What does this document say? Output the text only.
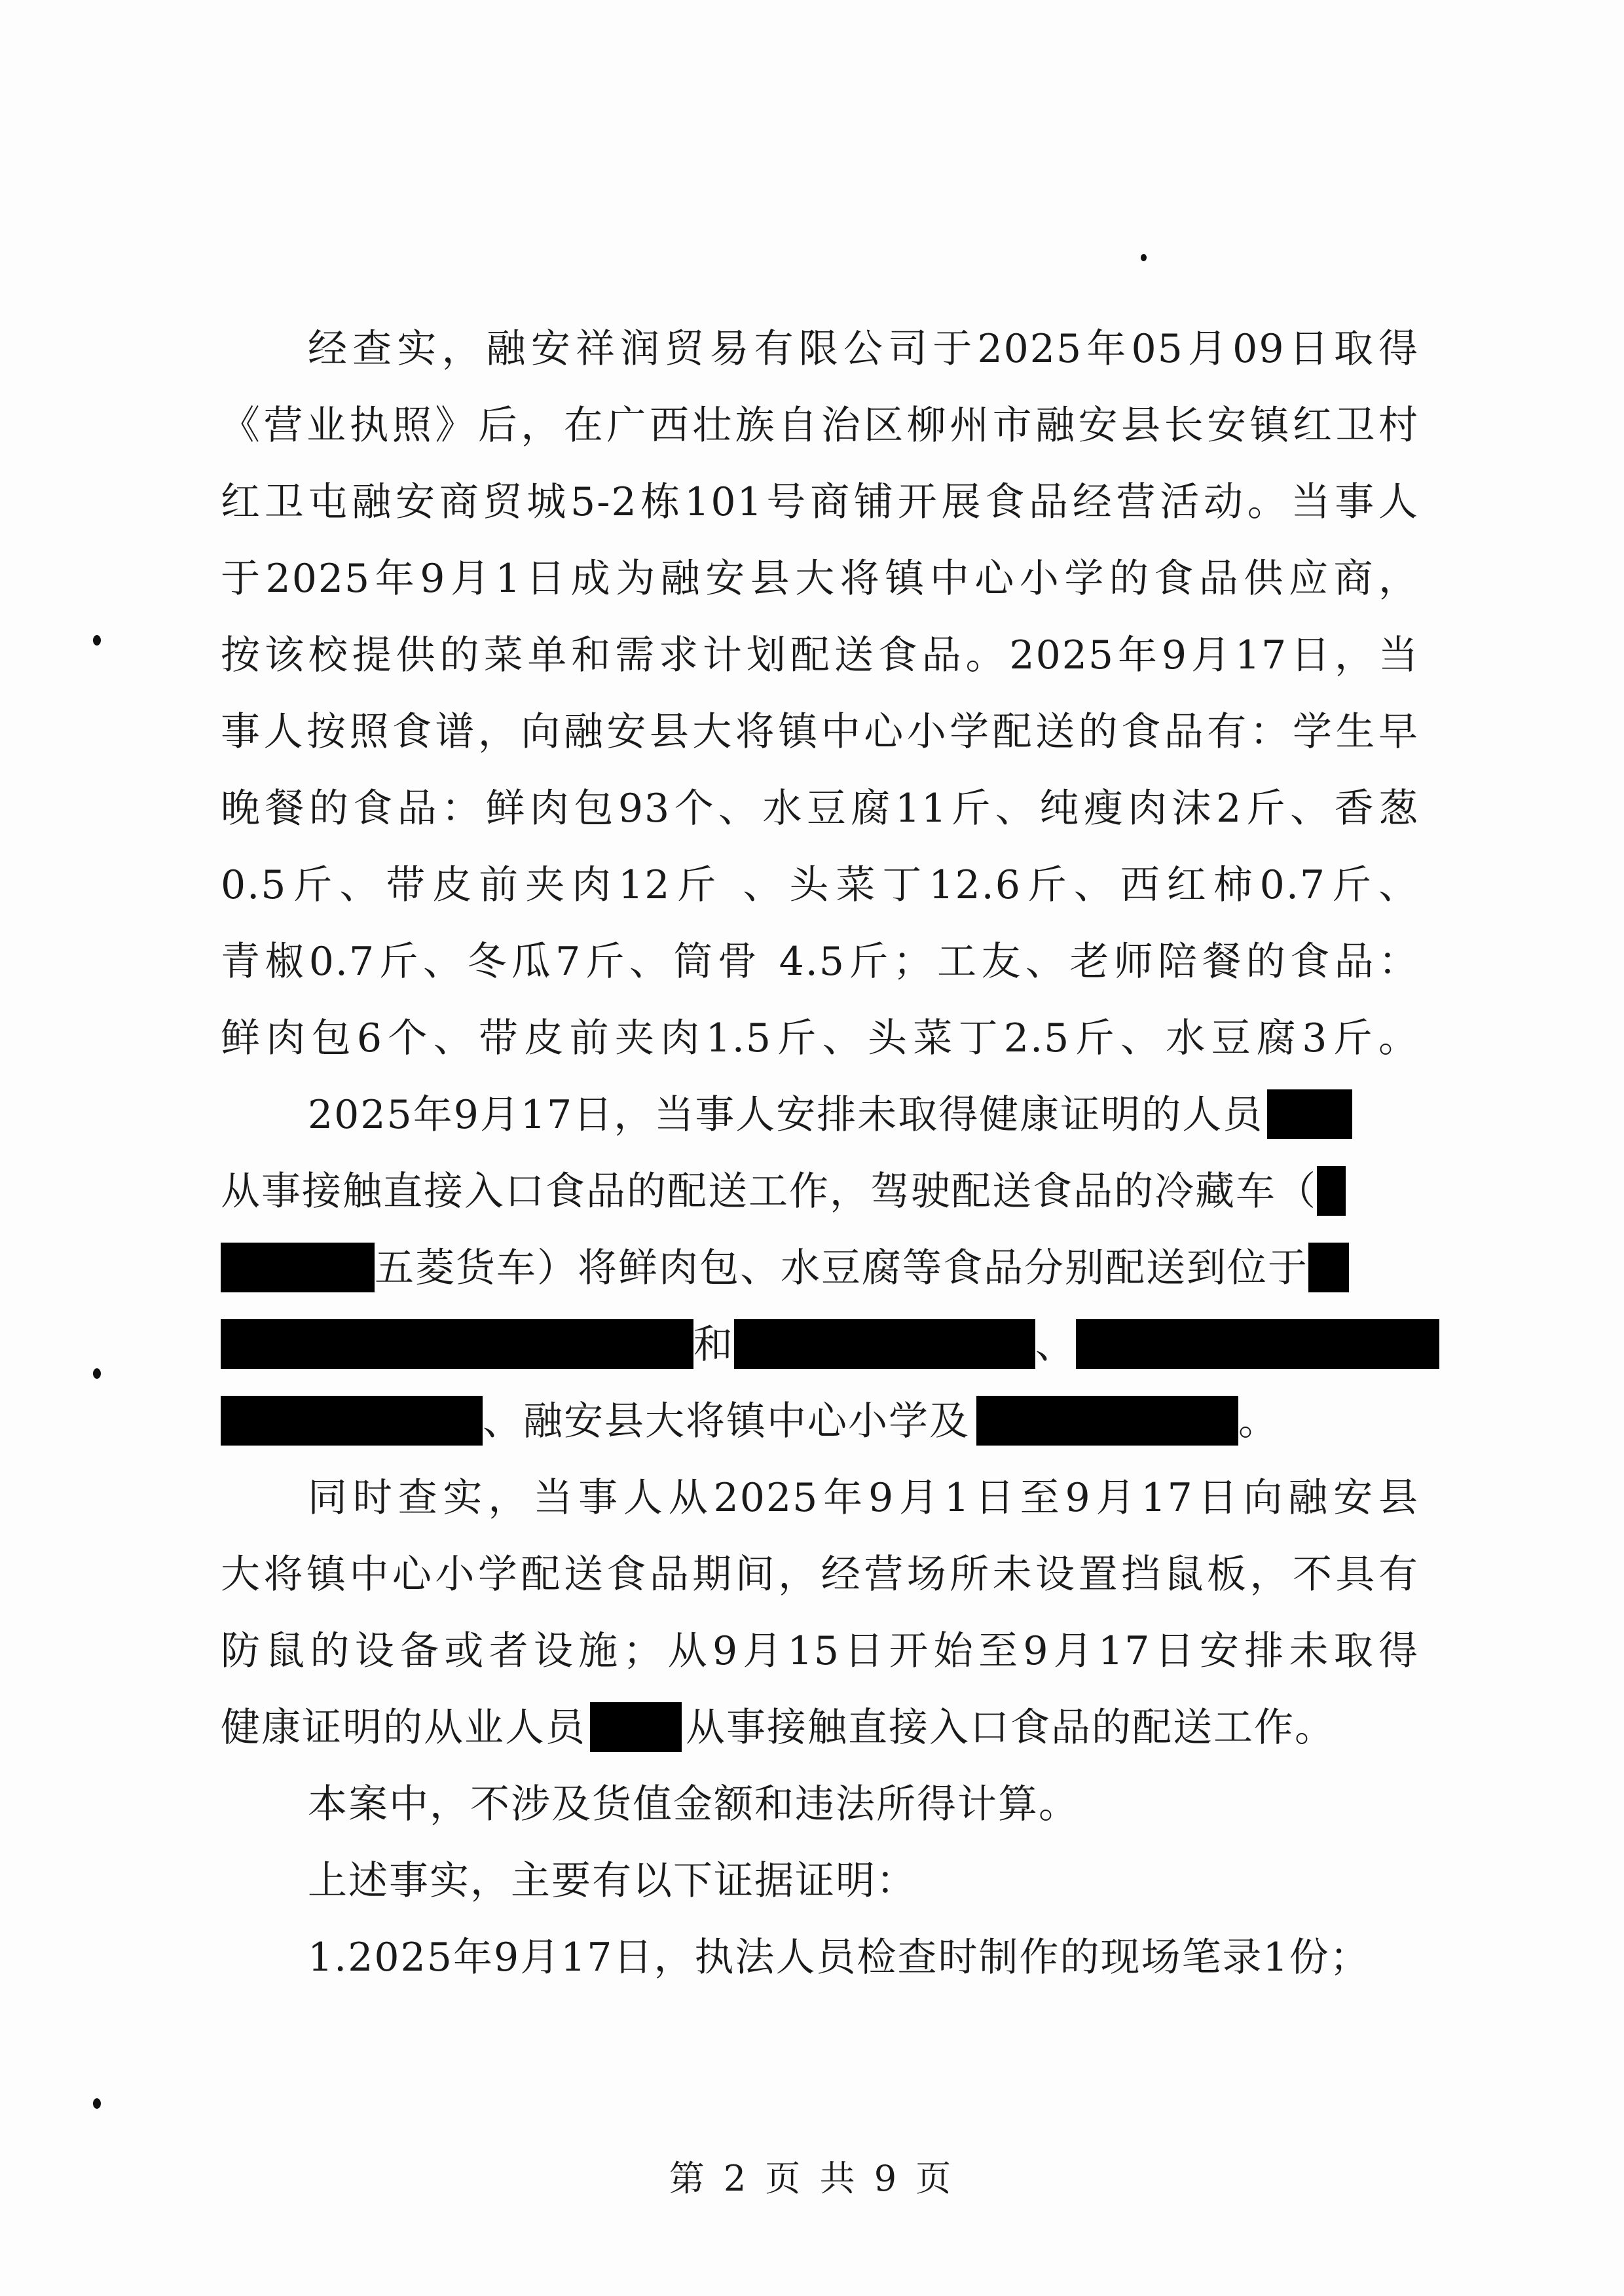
经查实，融安祥润贸易有限公司于2025年05月09日取得
《营业执照》后，在广西壮族自治区柳州市融安县长安镇红卫村
红卫屯融安商贸城5-2栋101号商铺开展食品经营活动。当事人
于2025年9月1日成为融安县大将镇中心小学的食品供应商，
按该校提供的菜单和需求计划配送食品。2025年9月17日，当
事人按照食谱，向融安县大将镇中心小学配送的食品有：学生早
晚餐的食品：鲜肉包93个、水豆腐11斤、纯瘦肉沫2斤、香葱
0.5斤、带皮前夹肉12斤 、头菜丁12.6斤、西红柿0.7斤、
青椒0.7斤、冬瓜7斤、筒骨 4.5斤；工友、老师陪餐的食品：
鲜肉包6个、带皮前夹肉1.5斤、头菜丁2.5斤、水豆腐3斤。
2025年9月17日，当事人安排未取得健康证明的人员
从事接触直接入口食品的配送工作，驾驶配送食品的冷藏车（
五菱货车）将鲜肉包、水豆腐等食品分别配送到位于
和	、
、融安县大将镇中心小学及	。
同时查实，当事人从2025年9月1日至9月17日向融安县
大将镇中心小学配送食品期间，经营场所未设置挡鼠板，不具有
防鼠的设备或者设施；从9月15日开始至9月17日安排未取得
健康证明的从业人员	从事接触直接入口食品的配送工作。
本案中，不涉及货值金额和违法所得计算。
上述事实，主要有以下证据证明：
1.2025年9月17日，执法人员检查时制作的现场笔录1份；
第 2 页 共 9 页
